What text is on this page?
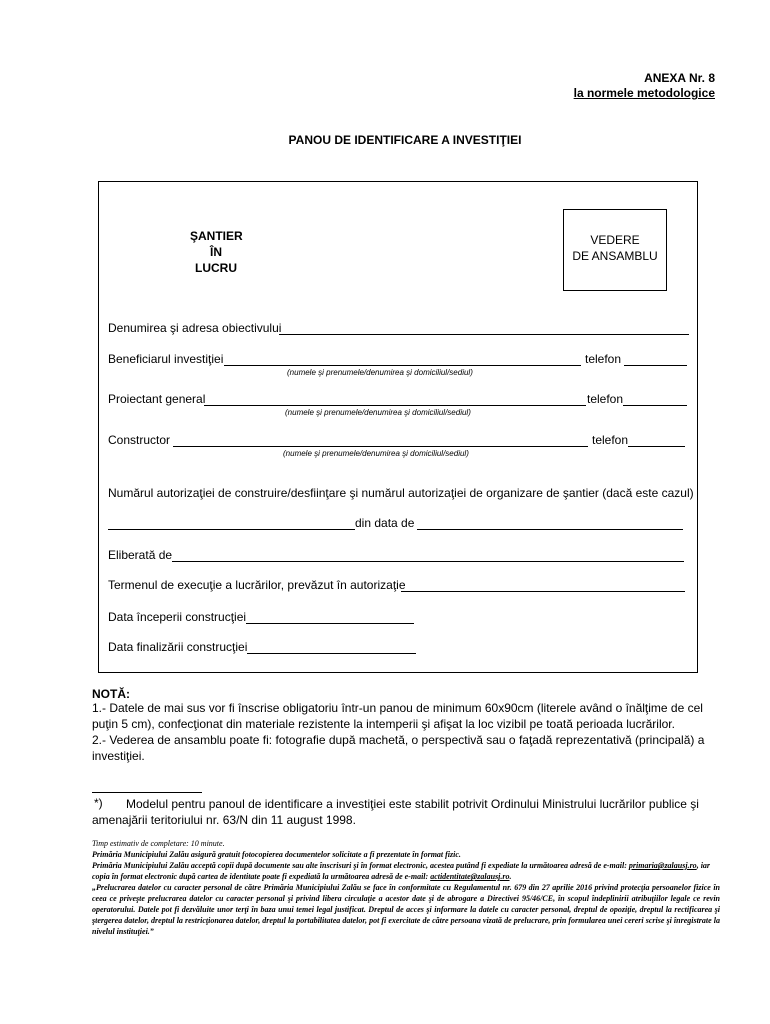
ANEXA Nr. 8
la normele metodologice
PANOU DE IDENTIFICARE A INVESTIŢIEI
ŞANTIER
ÎN
LUCRU
VEDERE
DE ANSAMBLU
Denumirea şi adresa obiectivului
Beneficiarul investiţiei	telefon
(numele şi prenumele/denumirea şi domiciliul/sediul)
Proiectant general	telefon
(numele şi prenumele/denumirea şi domiciliul/sediul)
Constructor	telefon
(numele şi prenumele/denumirea şi domiciliul/sediul)
Numărul autorizaţiei de construire/desfiinţare şi numărul autorizaţiei de organizare de şantier (dacă este cazul)
din data de
Eliberată de
Termenul de execuţie a lucrărilor, prevăzut în autorizaţie
Data începerii construcţiei
Data finalizării construcţiei
NOTĂ:
1.- Datele de mai sus vor fi înscrise obligatoriu într-un panou de minimum 60x90cm (literele având o înălţime de cel puţin 5 cm), confecţionat din materiale rezistente la intemperii şi afişat la loc vizibil pe toată perioada lucrărilor.
2.- Vederea de ansamblu poate fi: fotografie după machetă, o perspectivă sau o faţadă reprezentativă (principală) a investiţiei.
*)	Modelul pentru panoul de identificare a investiţiei este stabilit potrivit Ordinului Ministrului lucrărilor publice şi amenajării teritoriului nr. 63/N din 11 august 1998.
Timp estimativ de completare: 10 minute.
Primăria Municipiului Zalău asigură gratuit fotocopierea documentelor solicitate a fi prezentate în format fizic.
Primăria Municipiului Zalău acceptă copii după documente sau alte înscrisuri şi în format electronic, acestea putând fi expediate la următoarea adresă de e-mail: primaria@zalausj.ro, iar copia în format electronic după cartea de identitate poate fi expediată la următoarea adresă de e-mail: actidentitate@zalausj.ro.
„Prelucrarea datelor cu caracter personal de către Primăria Municipiului Zalău se face în conformitate cu Regulamentul nr. 679 din 27 aprilie 2016 privind protecţia persoanelor fizice în ceea ce priveşte prelucrarea datelor cu caracter personal şi privind libera circulaţie a acestor date şi de abrogare a Directivei 95/46/CE, în scopul îndeplinirii atribuţiilor legale ce revin operatorului. Datele pot fi dezvăluite unor terţi în baza unui temei legal justificat. Dreptul de acces şi informare la datele cu caracter personal, dreptul de opoziţie, dreptul la rectificarea şi ştergerea datelor, dreptul la restricţionarea datelor, dreptul la portabilitatea datelor, pot fi exercitate de către persoana vizată de prelucrare, prin formularea unei cereri scrise şi înregistrate la nivelul instituţiei.”
